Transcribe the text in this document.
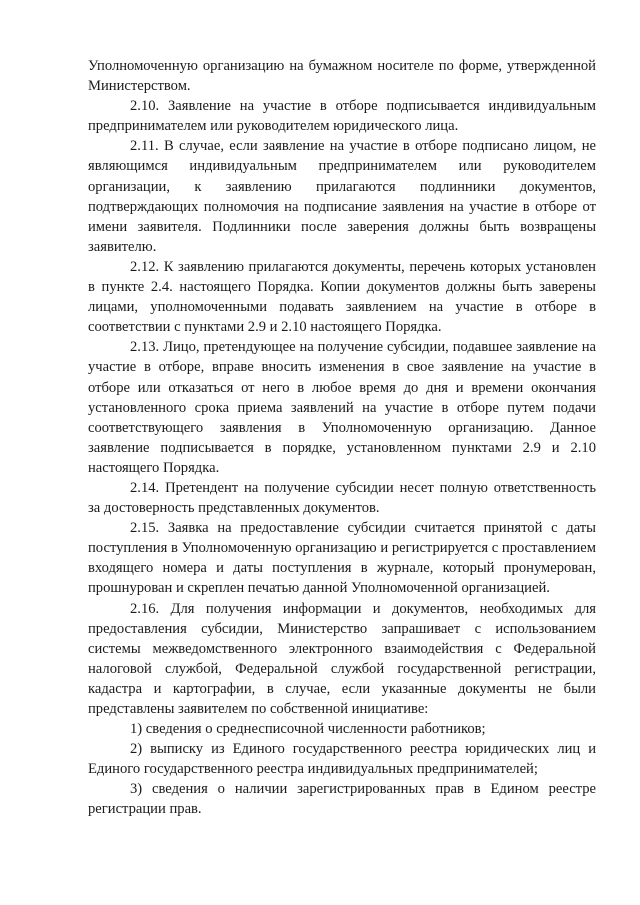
Уполномоченную организацию на бумажном носителе по форме, утвержденной Министерством.

2.10. Заявление на участие в отборе подписывается индивидуальным предпринимателем или руководителем юридического лица.

2.11. В случае, если заявление на участие в отборе подписано лицом, не являющимся индивидуальным предпринимателем или руководителем организации, к заявлению прилагаются подлинники документов, подтверждающих полномочия на подписание заявления на участие в отборе от имени заявителя. Подлинники после заверения должны быть возвращены заявителю.

2.12. К заявлению прилагаются документы, перечень которых установлен в пункте 2.4. настоящего Порядка. Копии документов должны быть заверены лицами, уполномоченными подавать заявлением на участие в отборе в соответствии с пунктами 2.9 и 2.10 настоящего Порядка.

2.13. Лицо, претендующее на получение субсидии, подавшее заявление на участие в отборе, вправе вносить изменения в свое заявление на участие в отборе или отказаться от него в любое время до дня и времени окончания установленного срока приема заявлений на участие в отборе путем подачи соответствующего заявления в Уполномоченную организацию. Данное заявление подписывается в порядке, установленном пунктами 2.9 и 2.10 настоящего Порядка.

2.14. Претендент на получение субсидии несет полную ответственность за достоверность представленных документов.

2.15. Заявка на предоставление субсидии считается принятой с даты поступления в Уполномоченную организацию и регистрируется с проставлением входящего номера и даты поступления в журнале, который пронумерован, прошнурован и скреплен печатью данной Уполномоченной организацией.

2.16. Для получения информации и документов, необходимых для предоставления субсидии, Министерство запрашивает с использованием системы межведомственного электронного взаимодействия с Федеральной налоговой службой, Федеральной службой государственной регистрации, кадастра и картографии, в случае, если указанные документы не были представлены заявителем по собственной инициативе:

1) сведения о среднесписочной численности работников;

2) выписку из Единого государственного реестра юридических лиц и Единого государственного реестра индивидуальных предпринимателей;

3) сведения о наличии зарегистрированных прав в Едином реестре регистрации прав.
